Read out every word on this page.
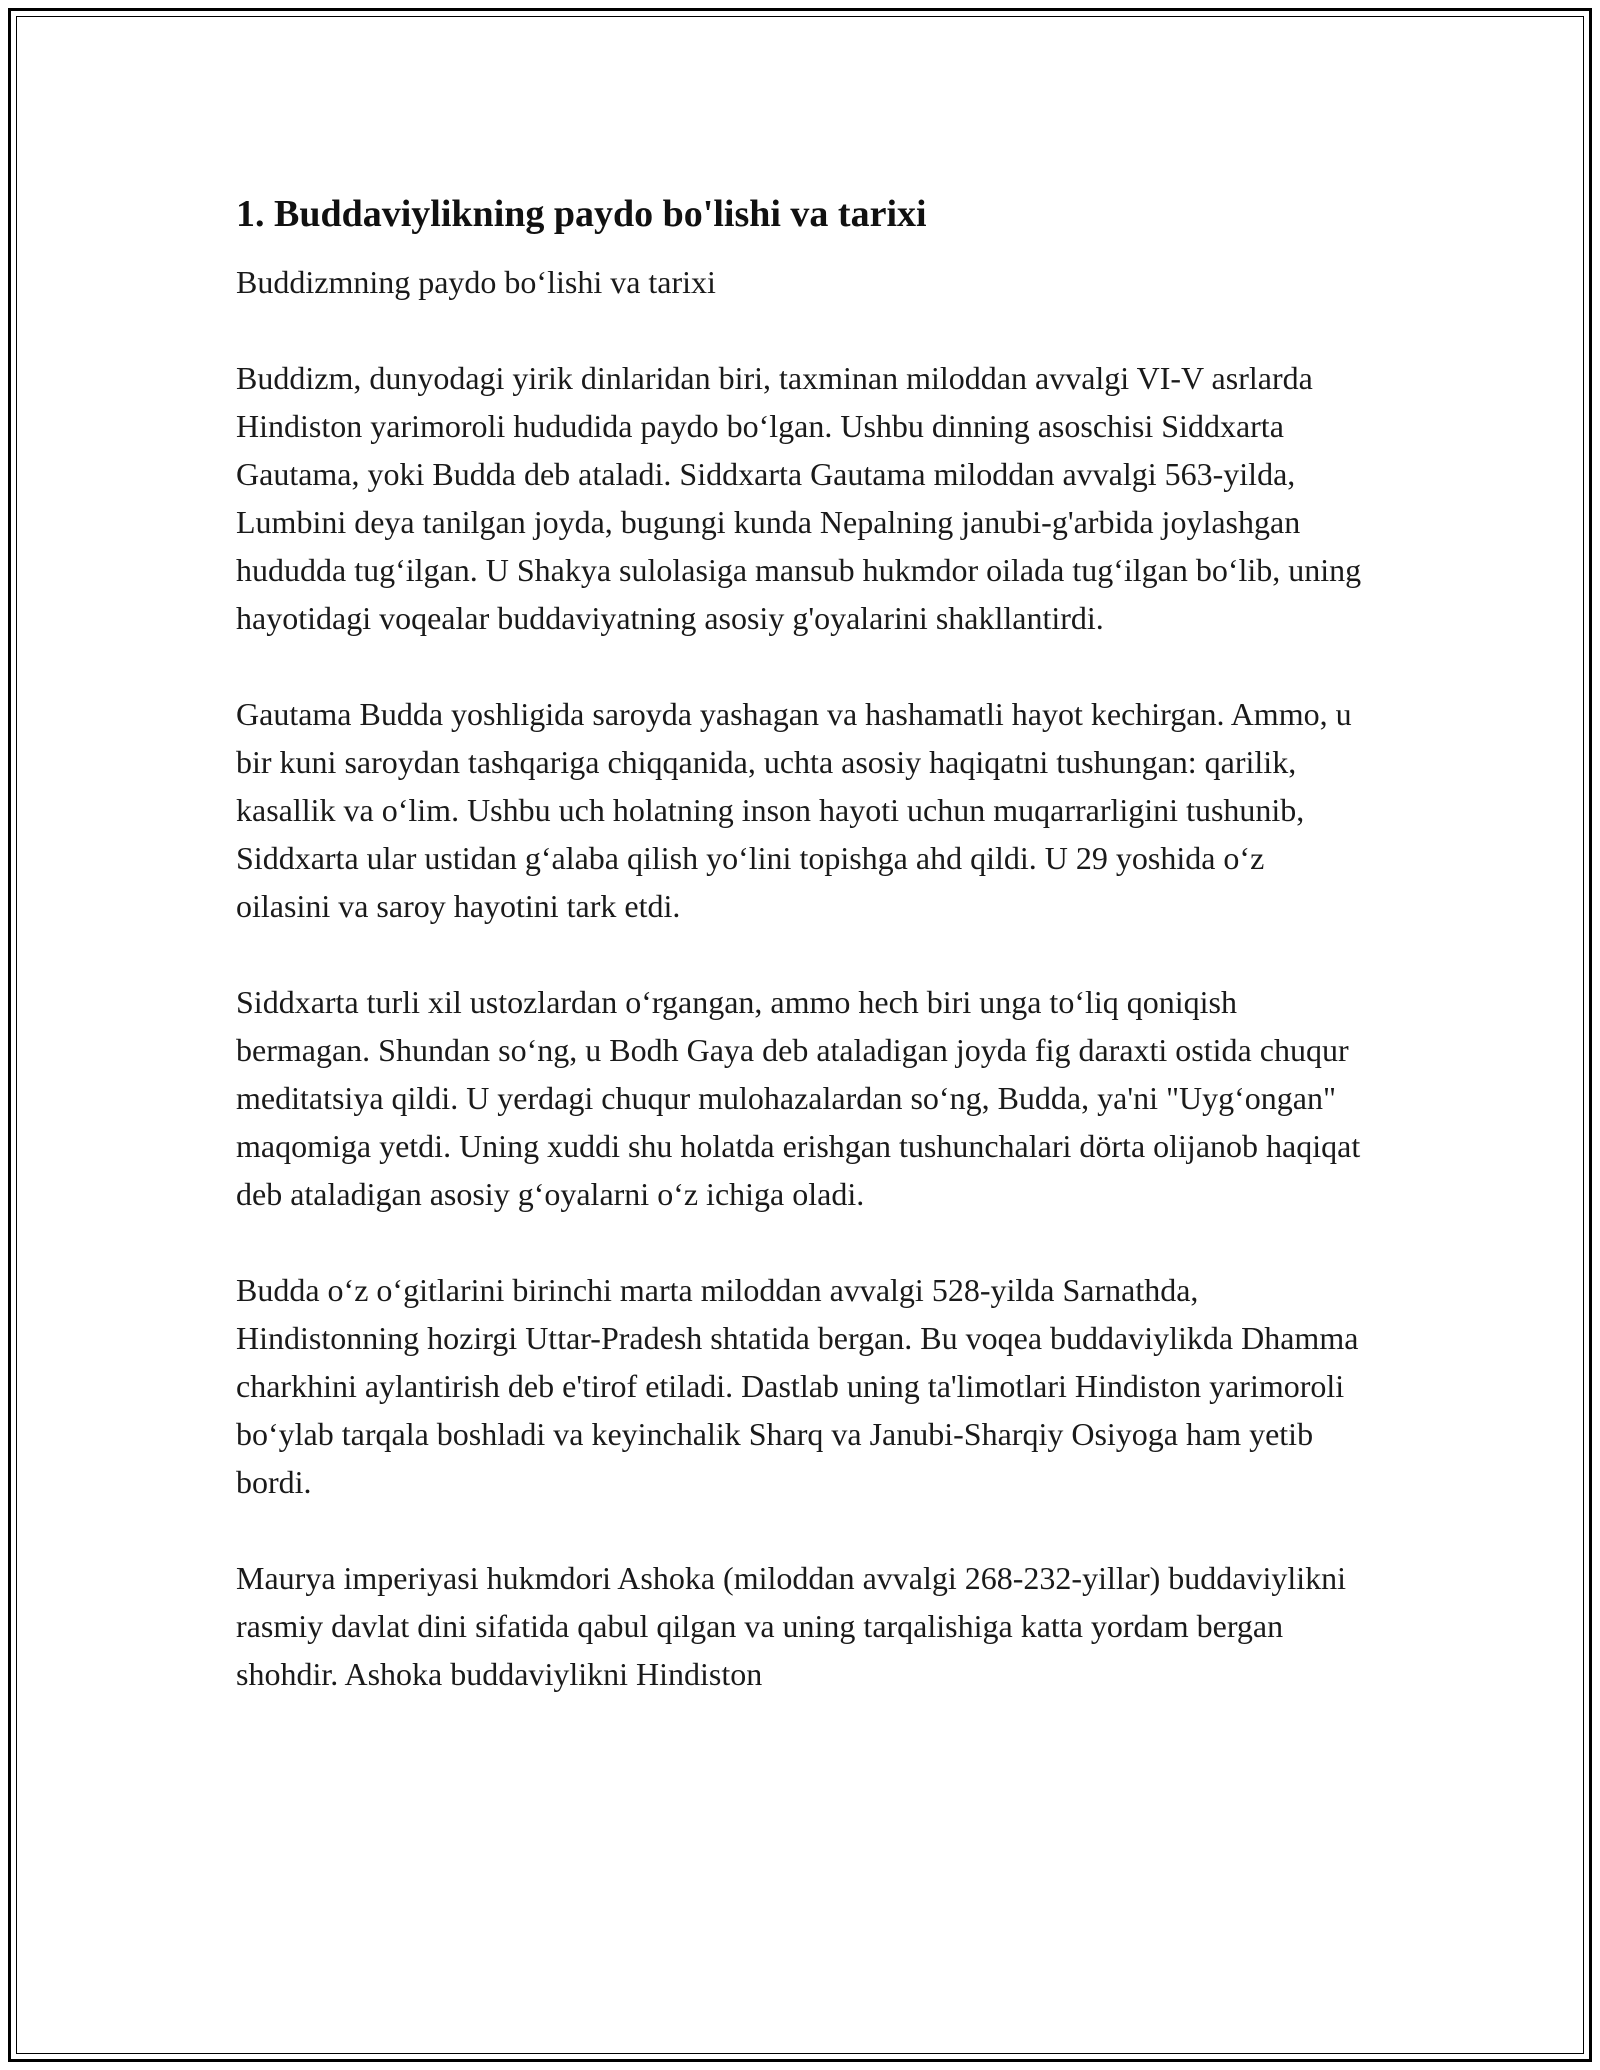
1. Buddaviylikning paydo bo'lishi va tarixi

Buddizmning paydo boʻlishi va tarixi

Buddizm, dunyodagi yirik dinlaridan biri, taxminan miloddan avvalgi VI-V asrlarda Hindiston yarimoroli hududida paydo boʻlgan. Ushbu dinning asoschisi Siddxarta Gautama, yoki Budda deb ataladi. Siddxarta Gautama miloddan avvalgi 563-yilda, Lumbini deya tanilgan joyda, bugungi kunda Nepalning janubi-g'arbida joylashgan hududda tugʻilgan. U Shakya sulolasiga mansub hukmdor oilada tugʻilgan boʻlib, uning hayotidagi voqealar buddaviyatning asosiy g'oyalarini shakllantirdi.

Gautama Budda yoshligida saroyda yashagan va hashamatli hayot kechirgan. Ammo, u bir kuni saroydan tashqariga chiqqanida, uchta asosiy haqiqatni tushungan: qarilik, kasallik va oʻlim. Ushbu uch holatning inson hayoti uchun muqarrarligini tushunib, Siddxarta ular ustidan gʻalaba qilish yoʻlini topishga ahd qildi. U 29 yoshida oʻz oilasini va saroy hayotini tark etdi.

Siddxarta turli xil ustozlardan oʻrgangan, ammo hech biri unga toʻliq qoniqish bermagan. Shundan soʻng, u Bodh Gaya deb ataladigan joyda fig daraxti ostida chuqur meditatsiya qildi. U yerdagi chuqur mulohazalardan soʻng, Budda, ya'ni "Uygʻongan" maqomiga yetdi. Uning xuddi shu holatda erishgan tushunchalari dörta olijanob haqiqat deb ataladigan asosiy gʻoyalarni oʻz ichiga oladi.

Budda oʻz oʻgitlarini birinchi marta miloddan avvalgi 528-yilda Sarnathda, Hindistonning hozirgi Uttar-Pradesh shtatida bergan. Bu voqea buddaviylikda Dhamma charkhini aylantirish deb e'tirof etiladi. Dastlab uning ta'limotlari Hindiston yarimoroli boʻylab tarqala boshladi va keyinchalik Sharq va Janubi-Sharqiy Osiyoga ham yetib bordi.

Maurya imperiyasi hukmdori Ashoka (miloddan avvalgi 268-232-yillar) buddaviylikni rasmiy davlat dini sifatida qabul qilgan va uning tarqalishiga katta yordam bergan shohdir. Ashoka buddaviylikni Hindiston
